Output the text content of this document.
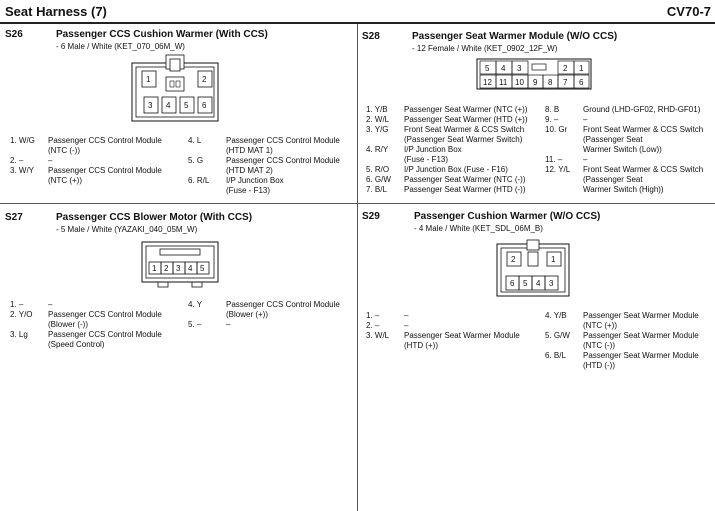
Seat Harness (7)	CV70-7
S26	Passenger CCS Cushion Warmer (With CCS)
- 6 Male / White (KET_070_06M_W)
1	2
3 4 5 6
1. W/G Passenger CCS Control Module
(NTC (-))
2. –	–
3. W/Y Passenger CCS Control Module
(NTC (+))
4. L	Passenger CCS Control Module
(HTD MAT 1)
5. G	Passenger CCS Control Module
(HTD MAT 2)
6. R/L I/P Junction Box
(Fuse - F13)
S27	Passenger CCS Blower Motor (With CCS)
- 5 Male / White (YAZAKI_040_05M_W)
1 2 3 4 5
1. –	–
2. Y/O Passenger CCS Control Module
(Blower (-))
3. Lg	Passenger CCS Control Module
(Speed Control)
4. Y	Passenger CCS Control Module
(Blower (+))
5. –	–
S28	Passenger Seat Warmer Module (W/O CCS)
- 12 Female / White (KET_0902_12F_W)
5 4 3	2 1
12 11 10 9 8 7 6
1. Y/B Passenger Seat Warmer (NTC (+))
2. W/L Passenger Seat Warmer (HTD (+))
3. Y/G Front Seat Warmer & CCS Switch
(Passenger Seat Warmer Switch)
4. R/Y I/P Junction Box
(Fuse - F13)
5. R/O I/P Junction Box (Fuse - F16)
6. G/W Passenger Seat Warmer (NTC (-))
7. B/L Passenger Seat Warmer (HTD (-))
8. B	Ground (LHD-GF02, RHD-GF01)
9. –	–
10. Gr Front Seat Warmer & CCS Switch
(Passenger Seat
Warmer Switch (Low))
11. –	–
12. Y/L Front Seat Warmer & CCS Switch
(Passenger Seat
Warmer Switch (High))
S29	Passenger Cushion Warmer (W/O CCS)
- 4 Male / White (KET_SDL_06M_B)
2	1
6 5 4 3
1. –	–
2. –	–
3. W/L Passenger Seat Warmer Module
(HTD (+))
4. Y/B Passenger Seat Warmer Module
(NTC (+))
5. G/W Passenger Seat Warmer Module
(NTC (-))
6. B/L Passenger Seat Warmer Module
(HTD (-))
